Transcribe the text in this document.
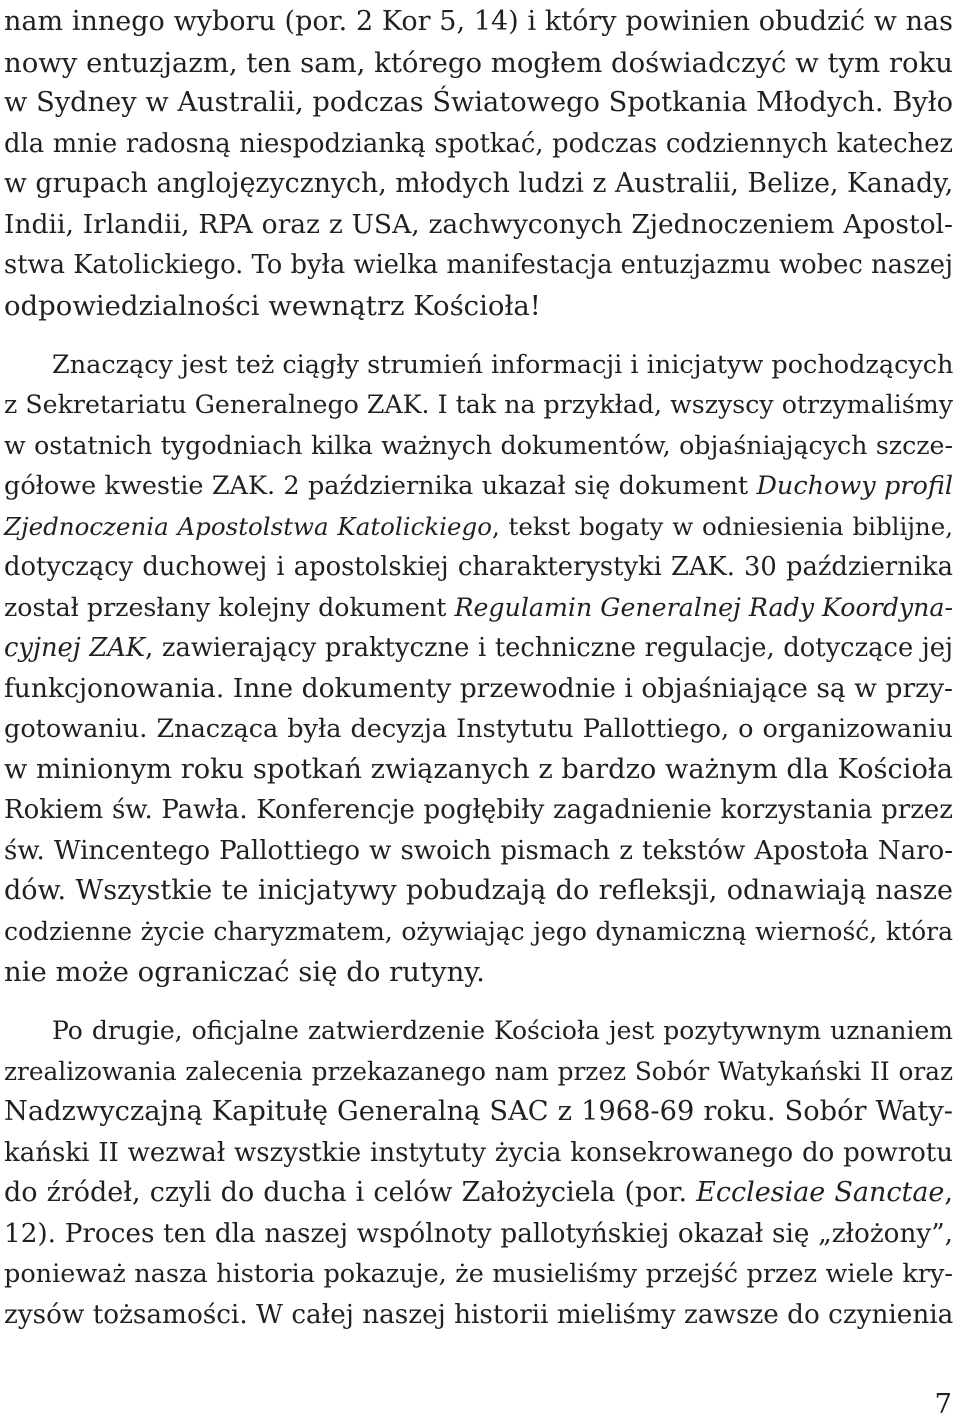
nam innego wyboru (por. 2 Kor 5, 14) i który powinien obudzić w nas
nowy entuzjazm, ten sam, którego mogłem doświadczyć w tym roku
w Sydney w Australii, podczas Światowego Spotkania Młodych. Było
dla mnie radosną niespodzianką spotkać, podczas codziennych katechez
w grupach anglojęzycznych, młodych ludzi z Australii, Belize, Kanady,
Indii, Irlandii, RPA oraz z USA, zachwyconych Zjednoczeniem Apostol-
stwa Katolickiego. To była wielka manifestacja entuzjazmu wobec naszej
odpowiedzialności wewnątrz Kościoła!
Znaczący jest też ciągły strumień informacji i inicjatyw pochodzących
z Sekretariatu Generalnego ZAK. I tak na przykład, wszyscy otrzymaliśmy
w ostatnich tygodniach kilka ważnych dokumentów, objaśniających szcze-
gółowe kwestie ZAK. 2 października ukazał się dokument Duchowy profil
Zjednoczenia Apostolstwa Katolickiego, tekst bogaty w odniesienia biblijne,
dotyczący duchowej i apostolskiej charakterystyki ZAK. 30 października
został przesłany kolejny dokument Regulamin Generalnej Rady Koordyna-
cyjnej ZAK, zawierający praktyczne i techniczne regulacje, dotyczące jej
funkcjonowania. Inne dokumenty przewodnie i objaśniające są w przy-
gotowaniu. Znacząca była decyzja Instytutu Pallottiego, o organizowaniu
w minionym roku spotkań związanych z bardzo ważnym dla Kościoła
Rokiem św. Pawła. Konferencje pogłębiły zagadnienie korzystania przez
św. Wincentego Pallottiego w swoich pismach z tekstów Apostoła Naro-
dów. Wszystkie te inicjatywy pobudzają do refleksji, odnawiają nasze
codzienne życie charyzmatem, ożywiając jego dynamiczną wierność, która
nie może ograniczać się do rutyny.
Po drugie, oficjalne zatwierdzenie Kościoła jest pozytywnym uznaniem
zrealizowania zalecenia przekazanego nam przez Sobór Watykański II oraz
Nadzwyczajną Kapitułę Generalną SAC z 1968-69 roku. Sobór Waty-
kański II wezwał wszystkie instytuty życia konsekrowanego do powrotu
do źródeł, czyli do ducha i celów Założyciela (por. Ecclesiae Sanctae,
12). Proces ten dla naszej wspólnoty pallotyńskiej okazał się „złożony”,
ponieważ nasza historia pokazuje, że musieliśmy przejść przez wiele kry-
zysów tożsamości. W całej naszej historii mieliśmy zawsze do czynienia
7
